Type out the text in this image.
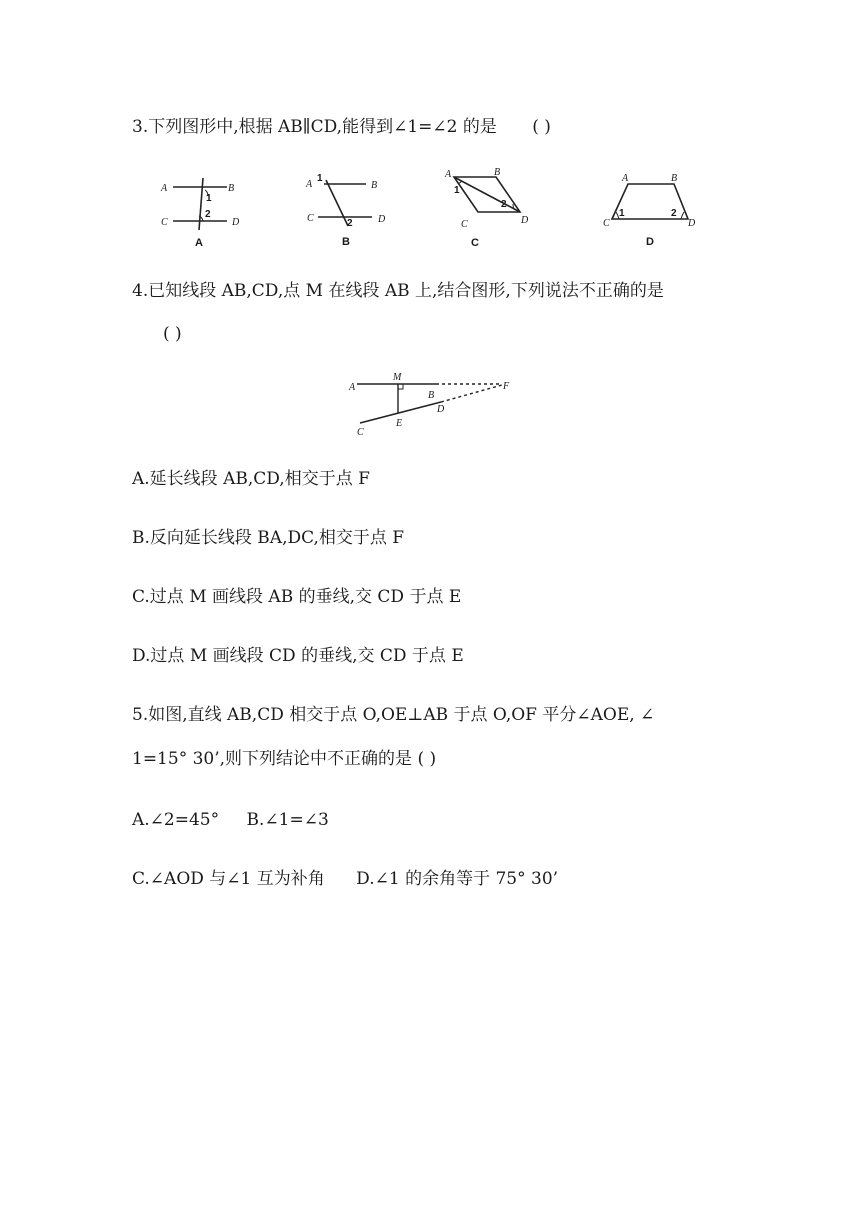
3.下列图形中,根据 AB∥CD,能得到∠1=∠2 的是 ( )
A	B
C	D
1
2
A
A	B
C	D
1
2
B
A	B
C	D
1
2
C
A	B
C	D
1	2
D
4.已知线段 AB,CD,点 M 在线段 AB 上,结合图形,下列说法不正确的是
( )
A
M
B
D
F
C
E
A.延长线段 AB,CD,相交于点 F
B.反向延长线段 BA,DC,相交于点 F
C.过点 M 画线段 AB 的垂线,交 CD 于点 E
D.过点 M 画线段 CD 的垂线,交 CD 于点 E
5.如图,直线 AB,CD 相交于点 O,OE⊥AB 于点 O,OF 平分∠AOE, ∠
1=15° 30’,则下列结论中不正确的是 ( )
A.∠2=45° B.∠1=∠3
C.∠AOD 与∠1 互为补角 D.∠1 的余角等于 75° 30’
